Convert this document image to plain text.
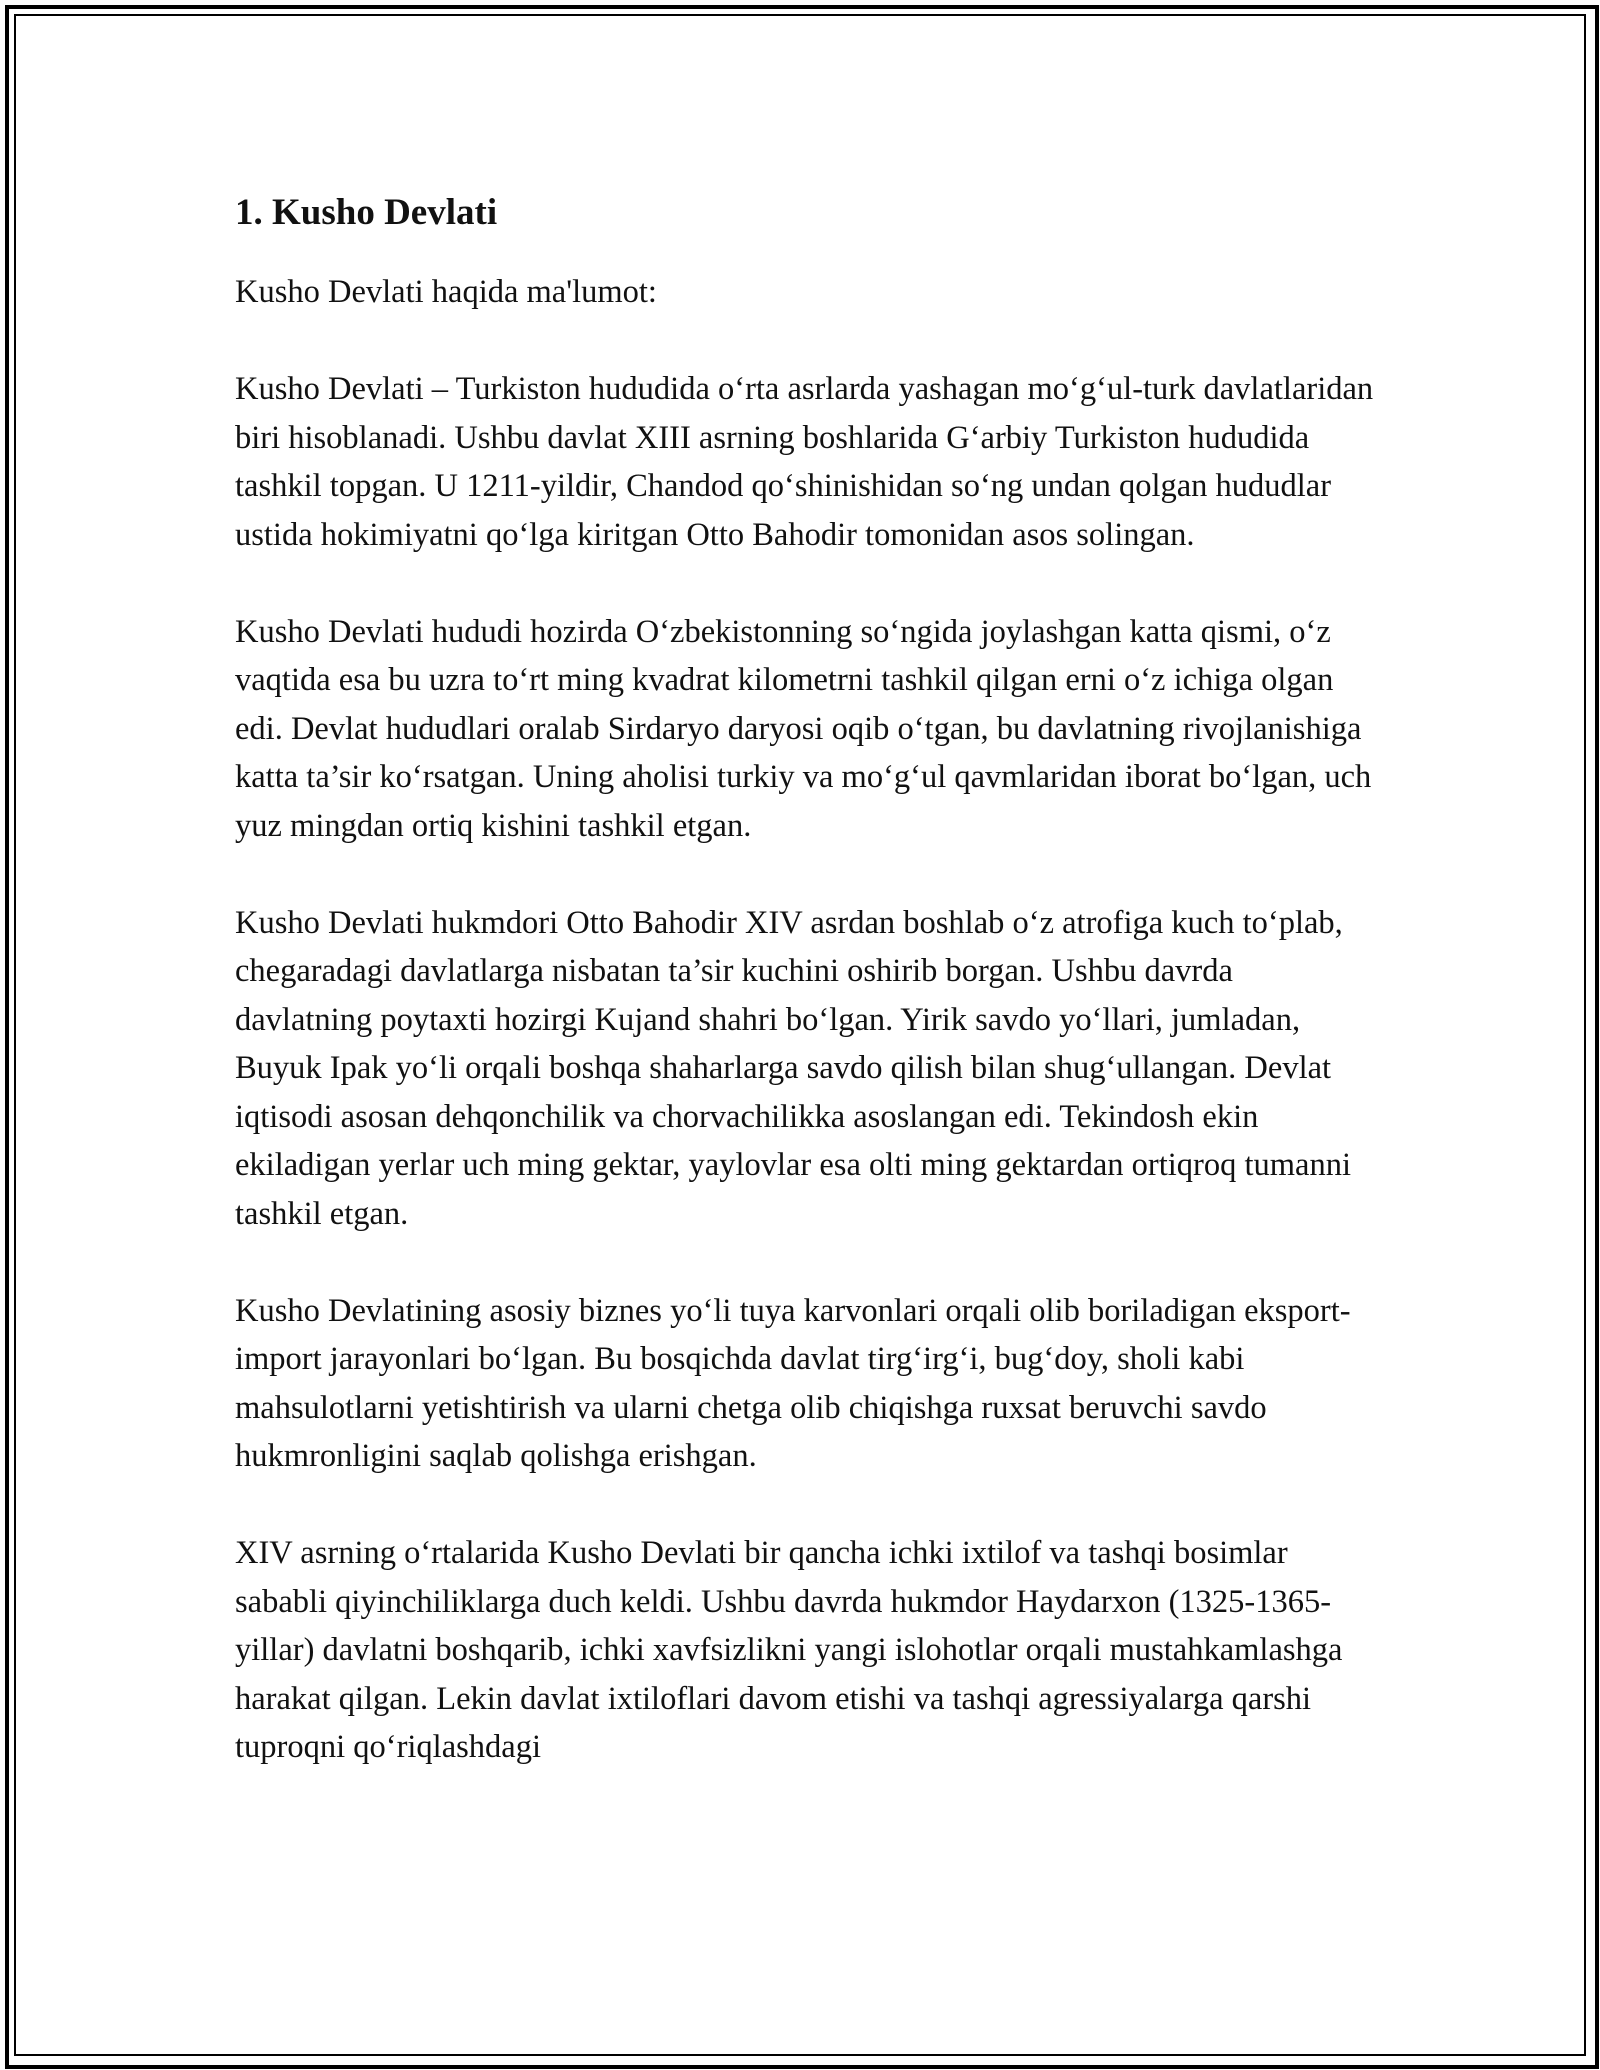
1. Kusho Devlati

Kusho Devlati haqida ma'lumot:

Kusho Devlati – Turkiston hududida oʻrta asrlarda yashagan moʻgʻul-turk davlatlaridan biri hisoblanadi. Ushbu davlat XIII asrning boshlarida Gʻarbiy Turkiston hududida tashkil topgan. U 1211-yildir, Chandod qoʻshinishidan soʻng undan qolgan hududlar ustida hokimiyatni qoʻlga kiritgan Otto Bahodir tomonidan asos solingan.

Kusho Devlati hududi hozirda Oʻzbekistonning soʻngida joylashgan katta qismi, oʻz vaqtida esa bu uzra toʻrt ming kvadrat kilometrni tashkil qilgan erni oʻz ichiga olgan edi. Devlat hududlari oralab Sirdaryo daryosi oqib oʻtgan, bu davlatning rivojlanishiga katta ta’sir koʻrsatgan. Uning aholisi turkiy va moʻgʻul qavmlaridan iborat boʻlgan, uch yuz mingdan ortiq kishini tashkil etgan.

Kusho Devlati hukmdori Otto Bahodir XIV asrdan boshlab oʻz atrofiga kuch toʻplab, chegaradagi davlatlarga nisbatan ta’sir kuchini oshirib borgan. Ushbu davrda davlatning poytaxti hozirgi Kujand shahri boʻlgan. Yirik savdo yoʻllari, jumladan, Buyuk Ipak yoʻli orqali boshqa shaharlarga savdo qilish bilan shugʻullangan. Devlat iqtisodi asosan dehqonchilik va chorvachilikka asoslangan edi. Tekindosh ekin ekiladigan yerlar uch ming gektar, yaylovlar esa olti ming gektardan ortiqroq tumanni tashkil etgan.

Kusho Devlatining asosiy biznes yoʻli tuya karvonlari orqali olib boriladigan eksport- import jarayonlari boʻlgan. Bu bosqichda davlat tirgʻirgʻi, bugʻdoy, sholi kabi mahsulotlarni yetishtirish va ularni chetga olib chiqishga ruxsat beruvchi savdo hukmronligini saqlab qolishga erishgan.

XIV asrning oʻrtalarida Kusho Devlati bir qancha ichki ixtilof va tashqi bosimlar sababli qiyinchiliklarga duch keldi. Ushbu davrda hukmdor Haydarxon (1325-1365-yillar) davlatni boshqarib, ichki xavfsizlikni yangi islohotlar orqali mustahkamlashga harakat qilgan. Lekin davlat ixtiloflari davom etishi va tashqi agressiyalarga qarshi tuproqni qoʻriqlashdagi
